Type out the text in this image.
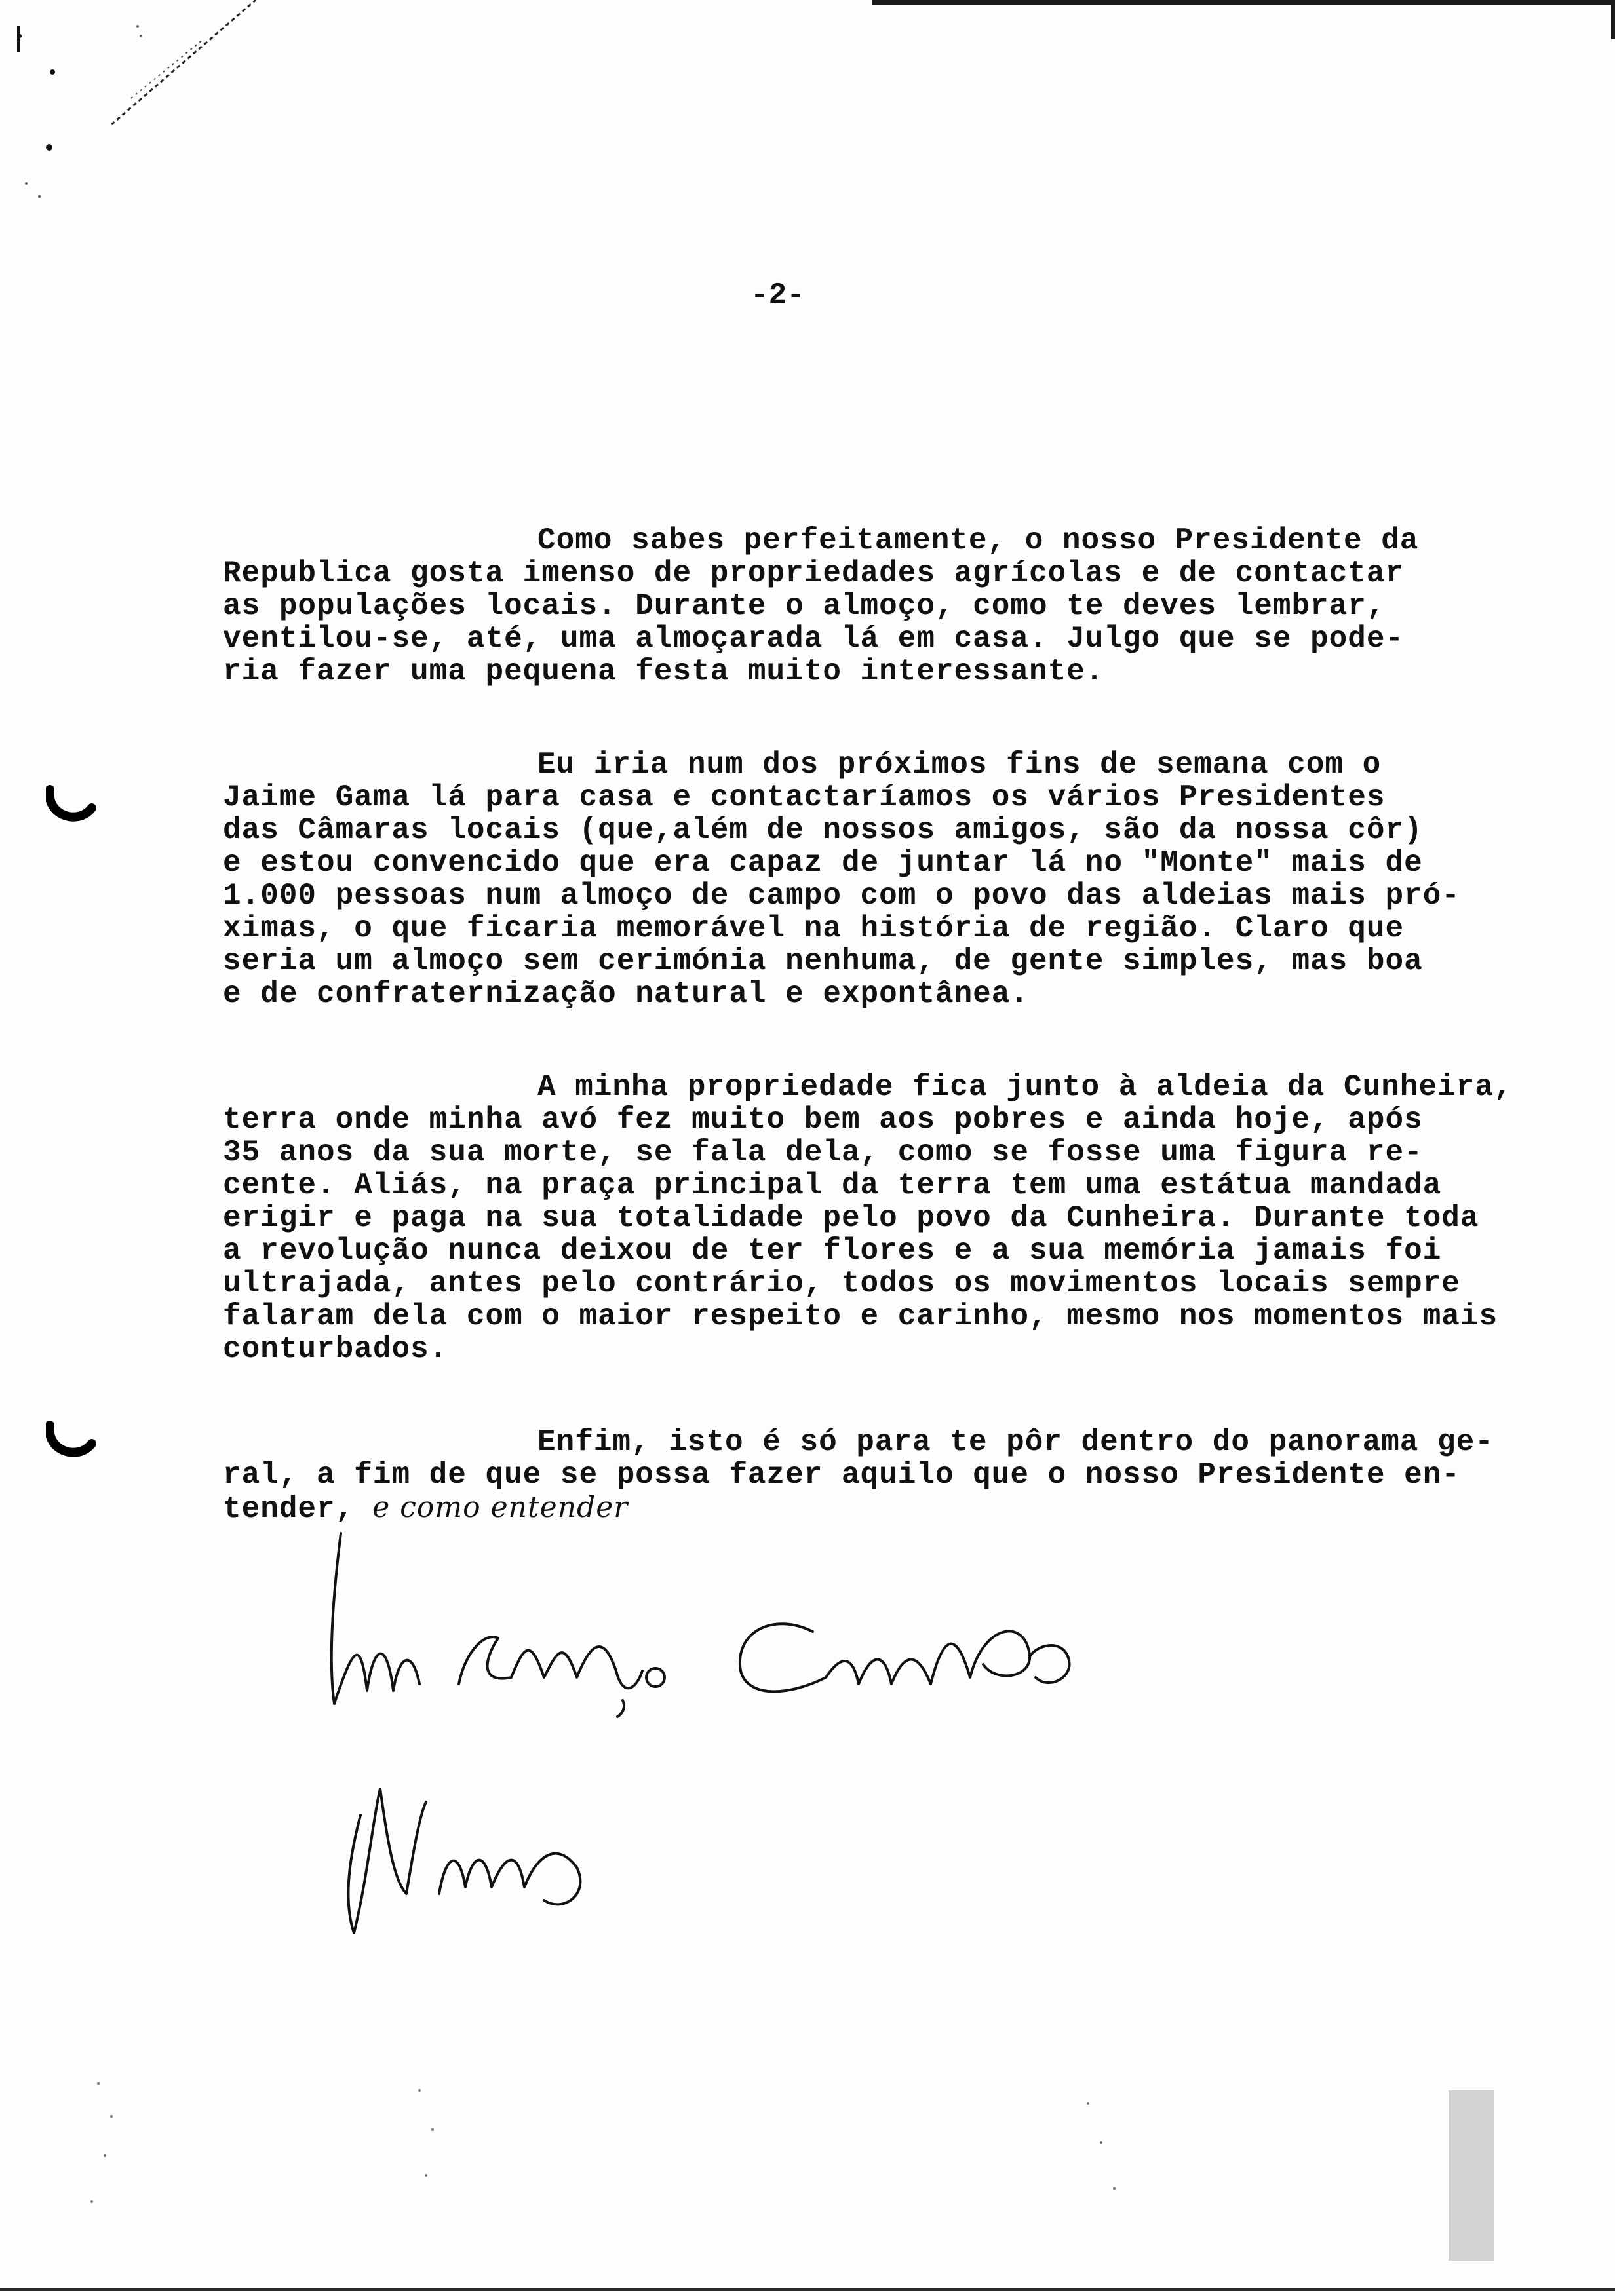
-2-
Como sabes perfeitamente, o nosso Presidente da
Republica gosta imenso de propriedades agrícolas e de contactar
as populações locais. Durante o almoço, como te deves lembrar,
ventilou-se, até, uma almoçarada lá em casa. Julgo que se pode-
ria fazer uma pequena festa muito interessante.
Eu iria num dos próximos fins de semana com o
Jaime Gama lá para casa e contactaríamos os vários Presidentes
das Câmaras locais (que,além de nossos amigos, são da nossa côr)
e estou convencido que era capaz de juntar lá no "Monte" mais de
1.000 pessoas num almoço de campo com o povo das aldeias mais pró-
ximas, o que ficaria memorável na história de região. Claro que
seria um almoço sem cerimónia nenhuma, de gente simples, mas boa
e de confraternização natural e expontânea.
A minha propriedade fica junto à aldeia da Cunheira,
terra onde minha avó fez muito bem aos pobres e ainda hoje, após
35 anos da sua morte, se fala dela, como se fosse uma figura re-
cente. Aliás, na praça principal da terra tem uma estátua mandada
erigir e paga na sua totalidade pelo povo da Cunheira. Durante toda
a revolução nunca deixou de ter flores e a sua memória jamais foi
ultrajada, antes pelo contrário, todos os movimentos locais sempre
falaram dela com o maior respeito e carinho, mesmo nos momentos mais
conturbados.
Enfim, isto é só para te pôr dentro do panorama ge-
ral, a fim de que se possa fazer aquilo que o nosso Presidente en-
tender, e como entender
